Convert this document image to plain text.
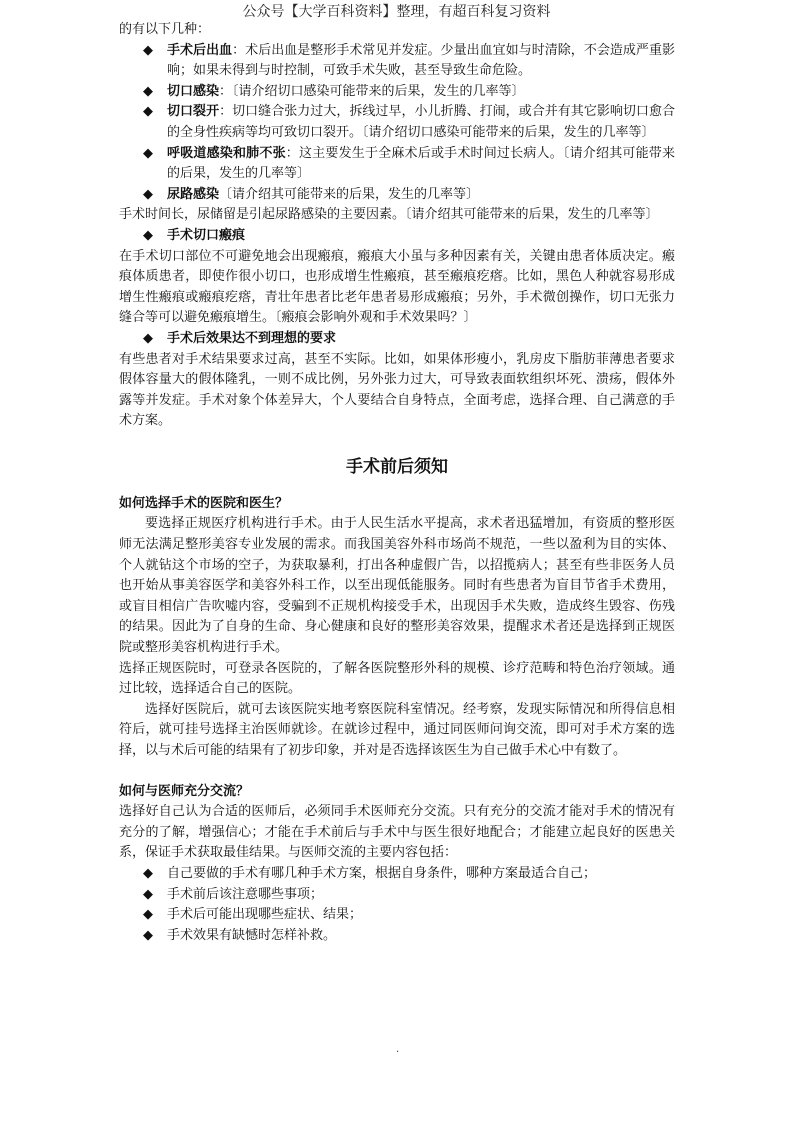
公众号【大学百科资料】整理，有超百科复习资料

的有以下几种：

◆ 手术后出血：术后出血是整形手术常见并发症。少量出血宜如与时清除，不会造成严重影响；如果未得到与时控制，可致手术失败，甚至导致生命危险。
◆ 切口感染：〔请介绍切口感染可能带来的后果，发生的几率等〕
◆ 切口裂开：切口缝合张力过大，拆线过早，小儿折腾、打闹，或合并有其它影响切口愈合的全身性疾病等均可致切口裂开。〔请介绍切口感染可能带来的后果，发生的几率等〕
◆ 呼吸道感染和肺不张：这主要发生于全麻术后或手术时间过长病人。〔请介绍其可能带来的后果，发生的几率等〕
◆ 尿路感染〔请介绍其可能带来的后果，发生的几率等〕

手术时间长，尿储留是引起尿路感染的主要因素。〔请介绍其可能带来的后果，发生的几率等〕

◆ 手术切口瘢痕

在手术切口部位不可避免地会出现瘢痕，瘢痕大小虽与多种因素有关，关键由患者体质决定。瘢痕体质患者，即使作很小切口，也形成增生性瘢痕，甚至瘢痕疙瘩。比如，黑色人种就容易形成增生性瘢痕或瘢痕疙瘩，青壮年患者比老年患者易形成瘢痕；另外，手术微创操作，切口无张力缝合等可以避免瘢痕增生。〔瘢痕会影响外观和手术效果吗？〕

◆ 手术后效果达不到理想的要求

有些患者对手术结果要求过高，甚至不实际。比如，如果体形瘦小，乳房皮下脂肪菲薄患者要求假体容量大的假体隆乳，一则不成比例，另外张力过大，可导致表面软组织坏死、溃疡，假体外露等并发症。手术对象个体差异大，个人要结合自身特点，全面考虑，选择合理、自己满意的手术方案。

手术前后须知

如何选择手术的医院和医生？

要选择正规医疗机构进行手术。由于人民生活水平提高，求术者迅猛增加，有资质的整形医师无法满足整形美容专业发展的需求。而我国美容外科市场尚不规范，一些以盈利为目的实体、个人就钻这个市场的空子，为获取暴利，打出各种虚假广告，以招揽病人；甚至有些非医务人员也开始从事美容医学和美容外科工作，以至出现低能服务。同时有些患者为盲目节省手术费用，或盲目相信广告吹嘘内容，受骗到不正规机构接受手术，出现因手术失败，造成终生毁容、伤残的结果。因此为了自身的生命、身心健康和良好的整形美容效果，提醒求术者还是选择到正规医院或整形美容机构进行手术。

选择正规医院时，可登录各医院的，了解各医院整形外科的规模、诊疗范畴和特色治疗领域。通过比较，选择适合自己的医院。

选择好医院后，就可去该医院实地考察医院科室情况。经考察，发现实际情况和所得信息相符后，就可挂号选择主治医师就诊。在就诊过程中，通过同医师问询交流，即可对手术方案的选择，以与术后可能的结果有了初步印象，并对是否选择该医生为自己做手术心中有数了。

如何与医师充分交流？

选择好自己认为合适的医师后，必须同手术医师充分交流。只有充分的交流才能对手术的情况有充分的了解，增强信心；才能在手术前后与手术中与医生很好地配合；才能建立起良好的医患关系，保证手术获取最佳结果。与医师交流的主要内容包括：

◆ 自己要做的手术有哪几种手术方案，根据自身条件，哪种方案最适合自己；
◆ 手术前后该注意哪些事项；
◆ 手术后可能出现哪些症状、结果；
◆ 手术效果有缺憾时怎样补救。
.
